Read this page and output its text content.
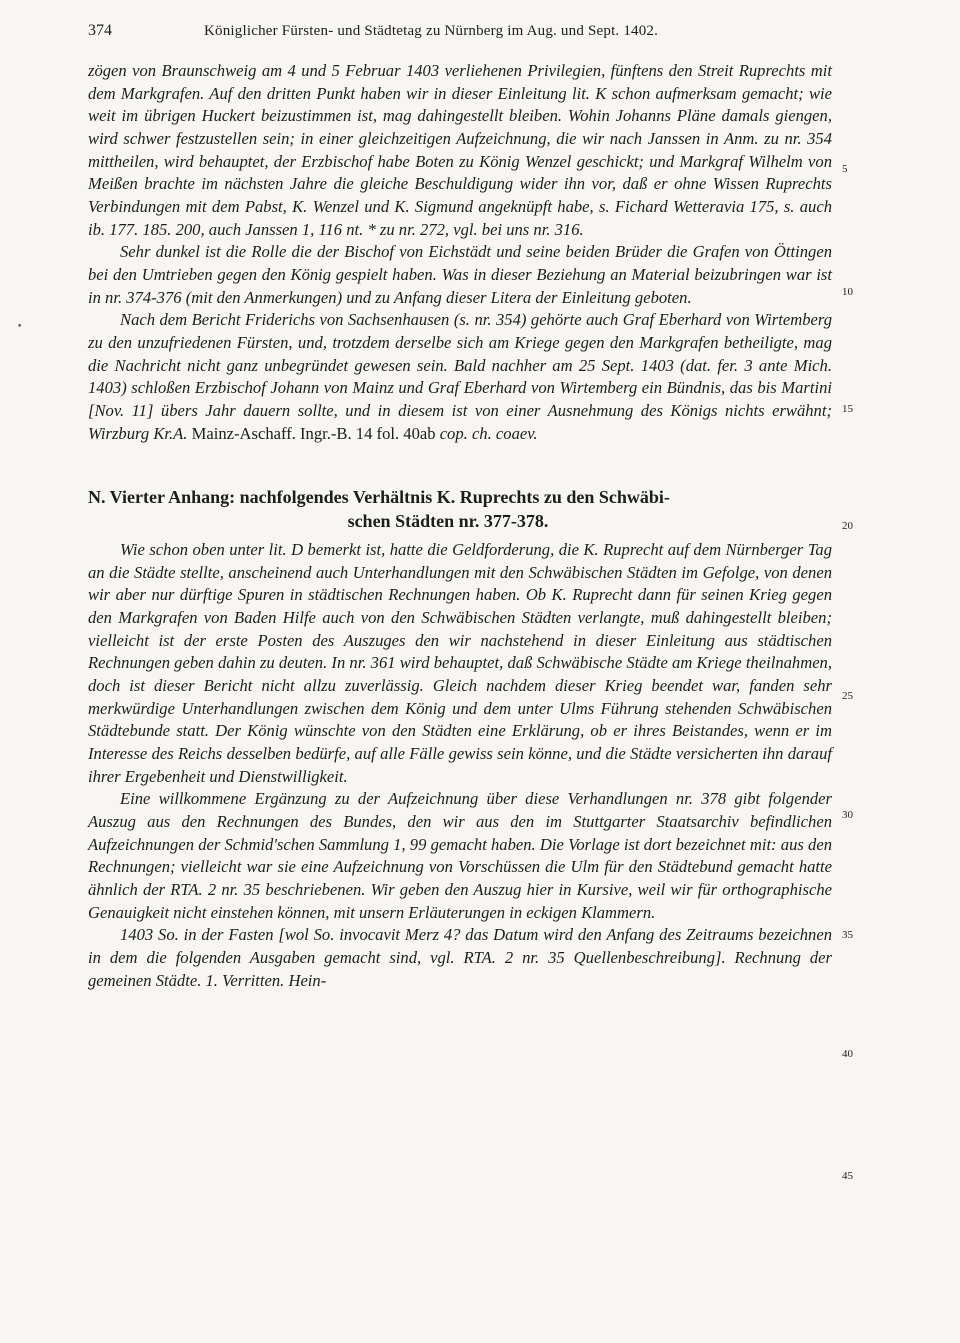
374	Königlicher Fürsten- und Städtetag zu Nürnberg im Aug. und Sept. 1402.
•

zögen von Braunschweig am 4 und 5 Februar 1403 verliehenen Privilegien, fünftens den Streit Ruprechts mit dem Markgrafen. Auf den dritten Punkt haben wir in dieser Einleitung lit. K schon aufmerksam gemacht; wie weit im übrigen Huckert beizustimmen ist, mag dahingestellt bleiben. Wohin Johanns Pläne damals giengen, wird schwer festzustellen sein; in einer gleichzeitigen Aufzeichnung, die wir nach Janssen in Anm. zu nr. 354 mittheilen, wird behauptet, der Erzbischof habe Boten zu König Wenzel geschickt; und Markgraf Wilhelm von Meißen brachte im nächsten Jahre die gleiche Beschuldigung wider ihn vor, daß er ohne Wissen Ruprechts Verbindungen mit dem Pabst, K. Wenzel und K. Sigmund angeknüpft habe, s. Fichard Wetteravia 175, s. auch ib. 177. 185. 200, auch Janssen 1, 116 nt. * zu nr. 272, vgl. bei uns nr. 316.

Sehr dunkel ist die Rolle die der Bischof von Eichstädt und seine beiden Brüder die Grafen von Öttingen bei den Umtrieben gegen den König gespielt haben. Was in dieser Beziehung an Material beizubringen war ist in nr. 374-376 (mit den Anmerkungen) und zu Anfang dieser Litera der Einleitung geboten.

Nach dem Bericht Friderichs von Sachsenhausen (s. nr. 354) gehörte auch Graf Eberhard von Wirtemberg zu den unzufriedenen Fürsten, und, trotzdem derselbe sich am Kriege gegen den Markgrafen betheiligte, mag die Nachricht nicht ganz unbegründet gewesen sein. Bald nachher am 25 Sept. 1403 (dat. fer. 3 ante Mich. 1403) schloßen Erzbischof Johann von Mainz und Graf Eberhard von Wirtemberg ein Bündnis, das bis Martini [Nov. 11] übers Jahr dauern sollte, und in diesem ist von einer Ausnehmung des Königs nichts erwähnt; Wirzburg Kr.A. Mainz-Aschaff. Ingr.-B. 14 fol. 40ab cop. ch. coaev.

N. Vierter Anhang: nachfolgendes Verhältnis K. Ruprechts zu den Schwäbi-
schen Städten nr. 377-378.

Wie schon oben unter lit. D bemerkt ist, hatte die Geldforderung, die K. Ruprecht auf dem Nürnberger Tag an die Städte stellte, anscheinend auch Unterhandlungen mit den Schwäbischen Städten im Gefolge, von denen wir aber nur dürftige Spuren in städtischen Rechnungen haben. Ob K. Ruprecht dann für seinen Krieg gegen den Markgrafen von Baden Hilfe auch von den Schwäbischen Städten verlangte, muß dahingestellt bleiben; vielleicht ist der erste Posten des Auszuges den wir nachstehend in dieser Einleitung aus städtischen Rechnungen geben dahin zu deuten. In nr. 361 wird behauptet, daß Schwäbische Städte am Kriege theilnahmen, doch ist dieser Bericht nicht allzu zuverlässig. Gleich nachdem dieser Krieg beendet war, fanden sehr merkwürdige Unterhandlungen zwischen dem König und dem unter Ulms Führung stehenden Schwäbischen Städtebunde statt. Der König wünschte von den Städten eine Erklärung, ob er ihres Beistandes, wenn er im Interesse des Reichs desselben bedürfe, auf alle Fälle gewiss sein könne, und die Städte versicherten ihn darauf ihrer Ergebenheit und Dienstwilligkeit.

Eine willkommene Ergänzung zu der Aufzeichnung über diese Verhandlungen nr. 378 gibt folgender Auszug aus den Rechnungen des Bundes, den wir aus den im Stuttgarter Staatsarchiv befindlichen Aufzeichnungen der Schmid'schen Sammlung 1, 99 gemacht haben. Die Vorlage ist dort bezeichnet mit: aus den Rechnungen; vielleicht war sie eine Aufzeichnung von Vorschüssen die Ulm für den Städtebund gemacht hatte ähnlich der RTA. 2 nr. 35 beschriebenen. Wir geben den Auszug hier in Kursive, weil wir für orthographische Genauigkeit nicht einstehen können, mit unsern Erläuterungen in eckigen Klammern.

1403 So. in der Fasten [wol So. invocavit Merz 4? das Datum wird den Anfang des Zeitraums bezeichnen in dem die folgenden Ausgaben gemacht sind, vgl. RTA. 2 nr. 35 Quellenbeschreibung]. Rechnung der gemeinen Städte. 1. Verritten. Hein-

5
10
15
20
25
30
35
40
45
